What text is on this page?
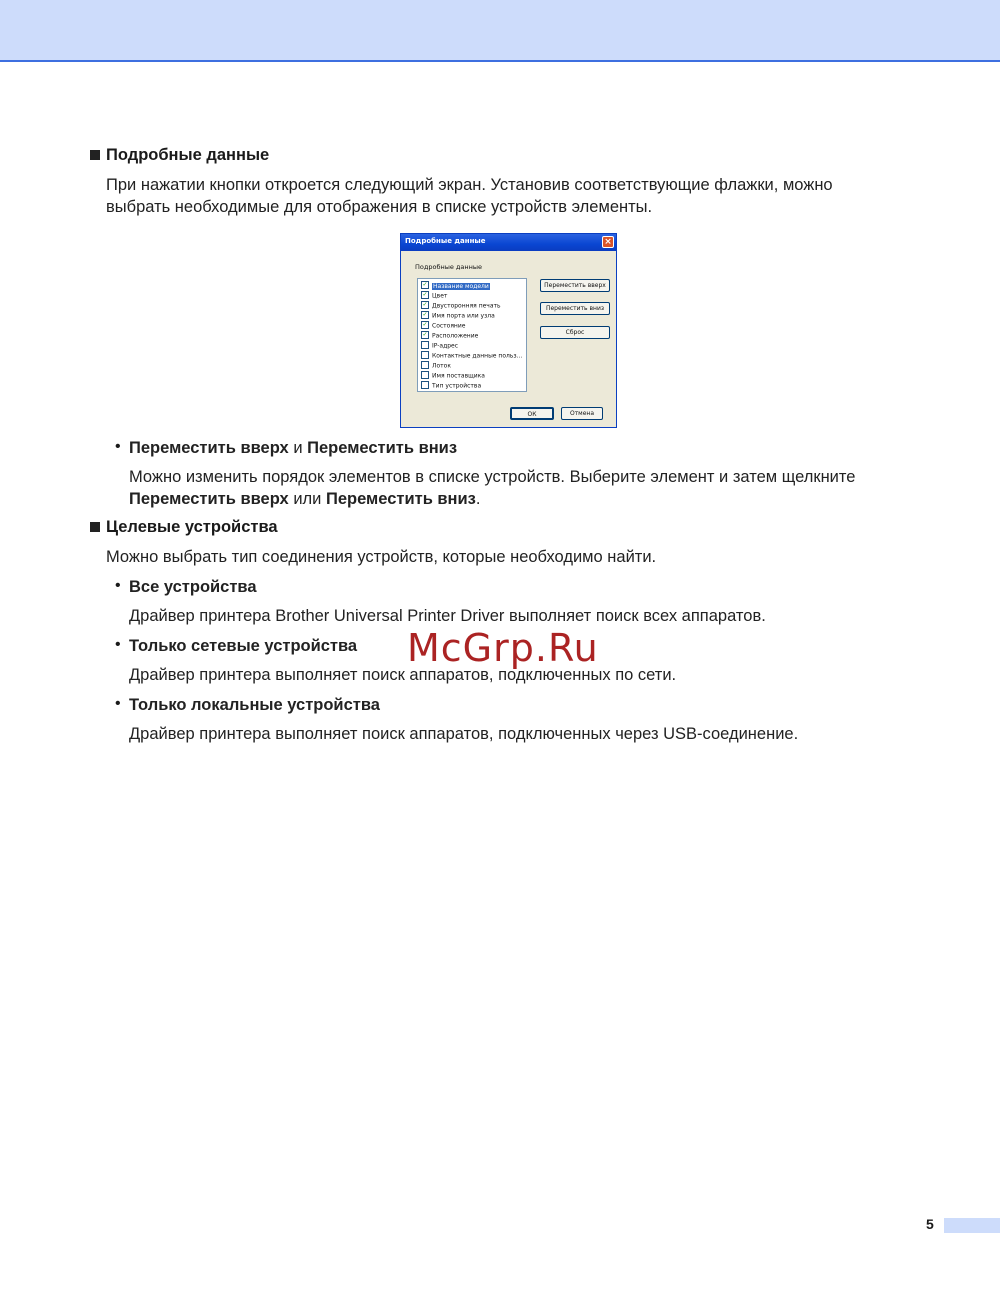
Подробные данные
При нажатии кнопки откроется следующий экран. Установив соответствующие флажки, можно
выбрать необходимые для отображения в списке устройств элементы.
Подробные данные	×
Подробные данные
✓ Название модели
✓ Цвет
✓ Двусторонняя печать
✓ Имя порта или узла
✓ Состояние
✓ Расположение
IP-адрес
Контактные данные польз...
Лоток
Имя поставщика
Тип устройства
Переместить вверх
Переместить вниз
Сброс
ОК	Отмена
• Переместить вверх и Переместить вниз
Можно изменить порядок элементов в списке устройств. Выберите элемент и затем щелкните
Переместить вверх или Переместить вниз.
Целевые устройства
Можно выбрать тип соединения устройств, которые необходимо найти.
• Все устройства
Драйвер принтера Brother Universal Printer Driver выполняет поиск всех аппаратов.
• Только сетевые устройства
Драйвер принтера выполняет поиск аппаратов, подключенных по сети.
• Только локальные устройства
Драйвер принтера выполняет поиск аппаратов, подключенных через USB-соединение.
McGrp.Ru
5
